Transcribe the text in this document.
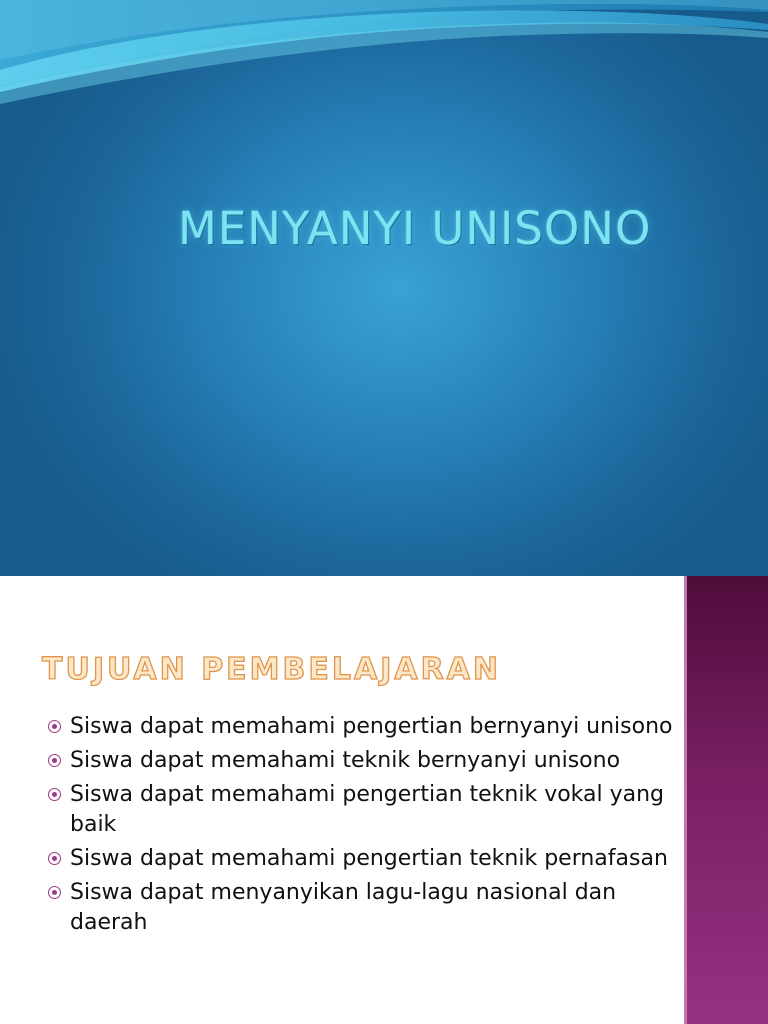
MENYANYI UNISONO
TUJUAN PEMBELAJARAN
Siswa dapat memahami pengertian bernyanyi unisono
Siswa dapat memahami teknik bernyanyi unisono
Siswa dapat memahami pengertian teknik vokal yang baik
Siswa dapat memahami pengertian teknik pernafasan
Siswa dapat menyanyikan lagu-lagu nasional dan daerah
